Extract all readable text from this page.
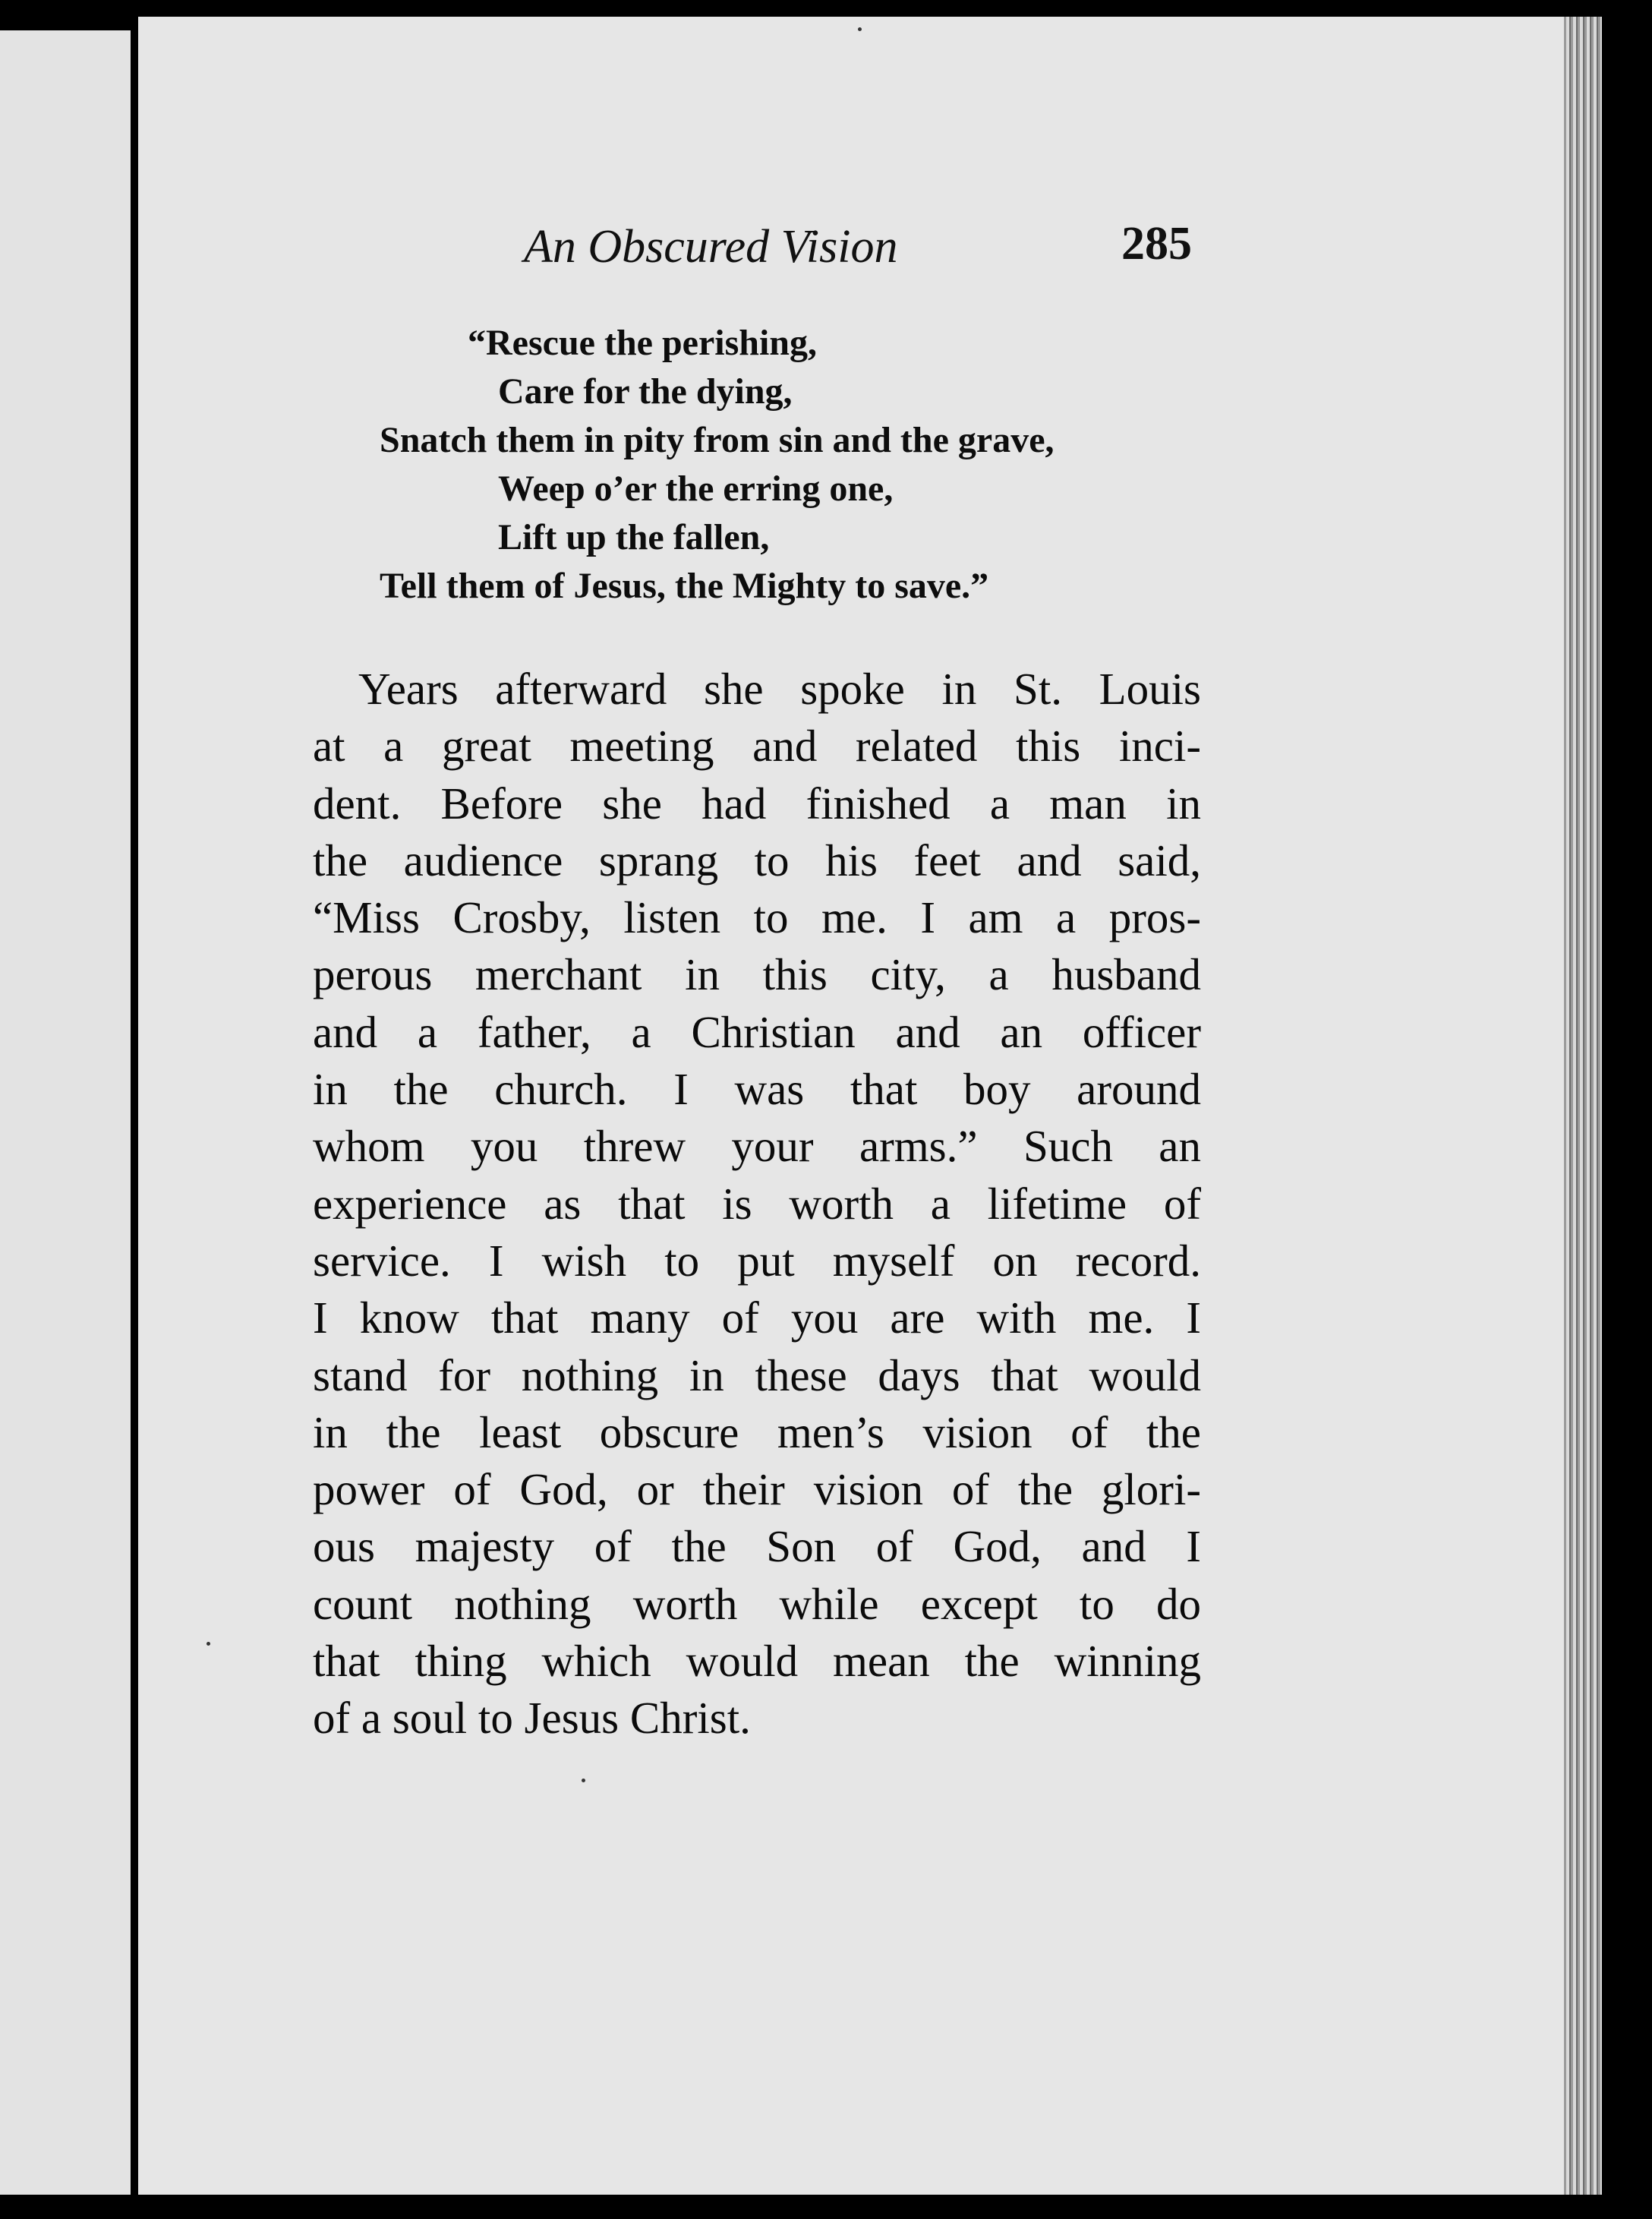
An Obscured Vision	285
“Rescue the perishing,
Care for the dying,
Snatch them in pity from sin and the grave,
Weep o’er the erring one,
Lift up the fallen,
Tell them of Jesus, the Mighty to save.”
Years afterward she spoke in St. Louis
at a great meeting and related this inci-
dent. Before she had finished a man in
the audience sprang to his feet and said,
“Miss Crosby, listen to me. I am a pros-
perous merchant in this city, a husband
and a father, a Christian and an officer
in the church. I was that boy around
whom you threw your arms.” Such an
experience as that is worth a lifetime of
service. I wish to put myself on record.
I know that many of you are with me. I
stand for nothing in these days that would
in the least obscure men’s vision of the
power of God, or their vision of the glori-
ous majesty of the Son of God, and I
count nothing worth while except to do
that thing which would mean the winning
of a soul to Jesus Christ.
